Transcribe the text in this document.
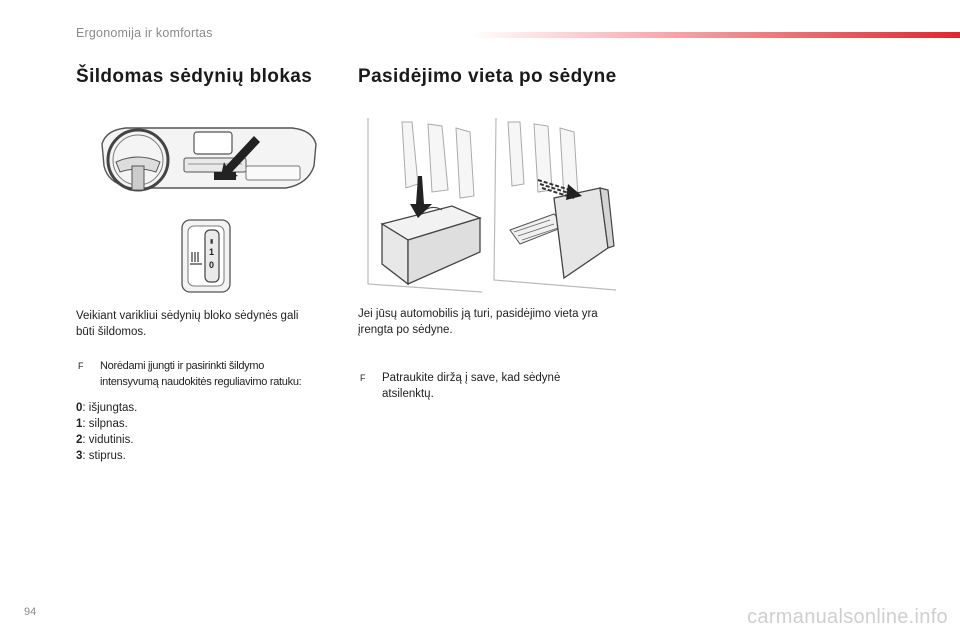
Ergonomija ir komfortas
Šildomas sėdynių blokas Pasidėjimo vieta po sėdyne
▮
1
0
Veikiant varikliui sėdynių bloko sėdynės gali
būti šildomos.
F Norėdami įjungti ir pasirinkti šildymo
intensyvumą naudokitės reguliavimo ratuku:
0: išjungtas.
1: silpnas.
2: vidutinis.
3: stiprus.
Jei jūsų automobilis ją turi, pasidėjimo vieta yra
įrengta po sėdyne.
F Patraukite diržą į save, kad sėdynė
atsilenktų.
94	carmanualsonline.info
